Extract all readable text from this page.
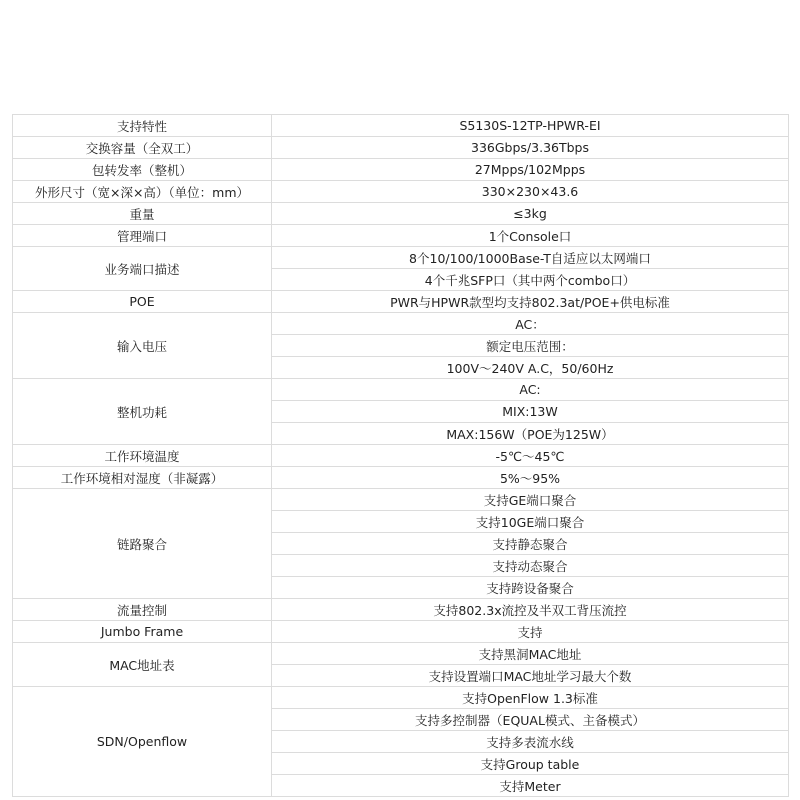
支持特性	S5130S-12TP-HPWR-EI
交换容量（全双工）	336Gbps/3.36Tbps
包转发率（整机）	27Mpps/102Mpps
外形尺寸（宽×深×高）（单位：mm）	330×230×43.6
重量	≤3kg
管理端口	1个Console口
业务端口描述	8个10/100/1000Base-T自适应以太网端口
	4个千兆SFP口（其中两个combo口）
POE	PWR与HPWR款型均支持802.3at/POE+供电标准
输入电压	AC：
	额定电压范围：
	100V～240V A.C，50/60Hz
整机功耗	AC:
	MIX:13W
	MAX:156W（POE为125W）
工作环境温度	-5℃～45℃
工作环境相对湿度（非凝露）	5%～95%
链路聚合	支持GE端口聚合
	支持10GE端口聚合
	支持静态聚合
	支持动态聚合
	支持跨设备聚合
流量控制	支持802.3x流控及半双工背压流控
Jumbo Frame	支持
MAC地址表	支持黑洞MAC地址
	支持设置端口MAC地址学习最大个数
SDN/Openflow	支持OpenFlow 1.3标准
	支持多控制器（EQUAL模式、主备模式）
	支持多表流水线
	支持Group table
	支持Meter
